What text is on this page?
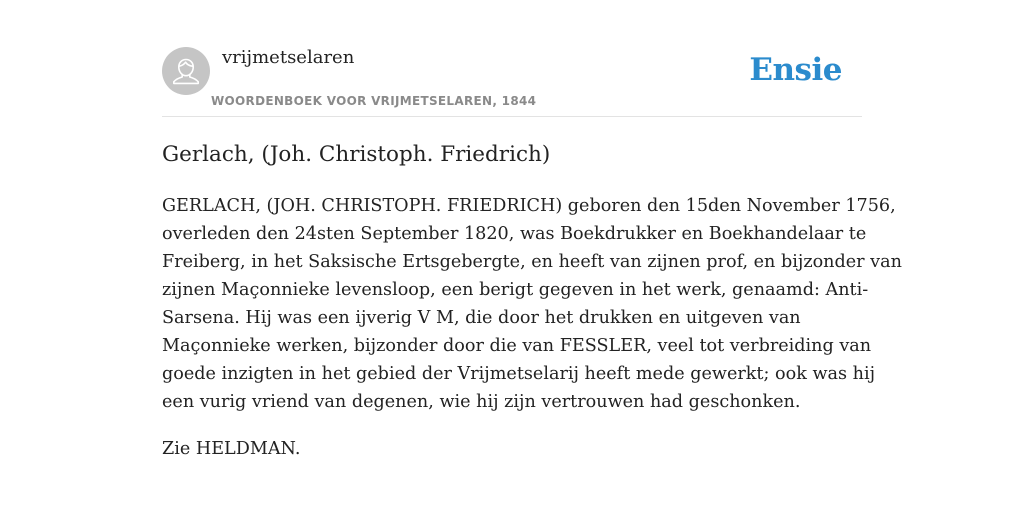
vrijmetselaren
WOORDENBOEK VOOR VRIJMETSELAREN, 1844
Ensie
Gerlach, (Joh. Christoph. Friedrich)

GERLACH, (JOH. CHRISTOPH. FRIEDRICH) geboren den 15den November 1756,
overleden den 24sten September 1820, was Boekdrukker en Boekhandelaar te
Freiberg, in het Saksische Ertsgebergte, en heeft van zijnen prof, en bijzonder van
zijnen Maçonnieke levensloop, een berigt gegeven in het werk, genaamd: Anti-
Sarsena. Hij was een ijverig V M, die door het drukken en uitgeven van
Maçonnieke werken, bijzonder door die van FESSLER, veel tot verbreiding van
goede inzigten in het gebied der Vrijmetselarij heeft mede gewerkt; ook was hij
een vurig vriend van degenen, wie hij zijn vertrouwen had geschonken.

Zie HELDMAN.
